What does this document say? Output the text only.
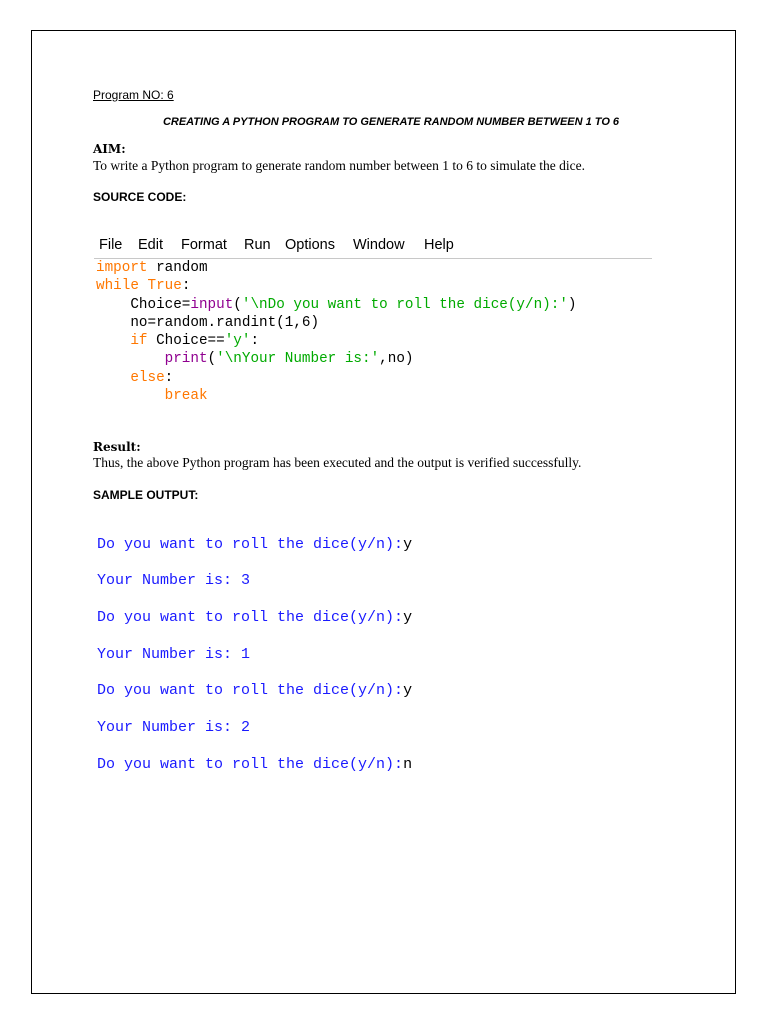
Program NO: 6
CREATING A PYTHON PROGRAM TO GENERATE RANDOM NUMBER BETWEEN 1 TO 6
AIM:
To write a Python program to generate random number between 1 to 6 to simulate the dice.
SOURCE CODE:
File Edit Format Run Options Window Help
import random
while True:
Choice=input('\nDo you want to roll the dice(y/n):')
no=random.randint(1,6)
if Choice=='y':
print('\nYour Number is:',no)
else:
break
Result:
Thus, the above Python program has been executed and the output is verified successfully.
SAMPLE OUTPUT:
Do you want to roll the dice(y/n):y
Your Number is: 3
Do you want to roll the dice(y/n):y
Your Number is: 1
Do you want to roll the dice(y/n):y
Your Number is: 2
Do you want to roll the dice(y/n):n
